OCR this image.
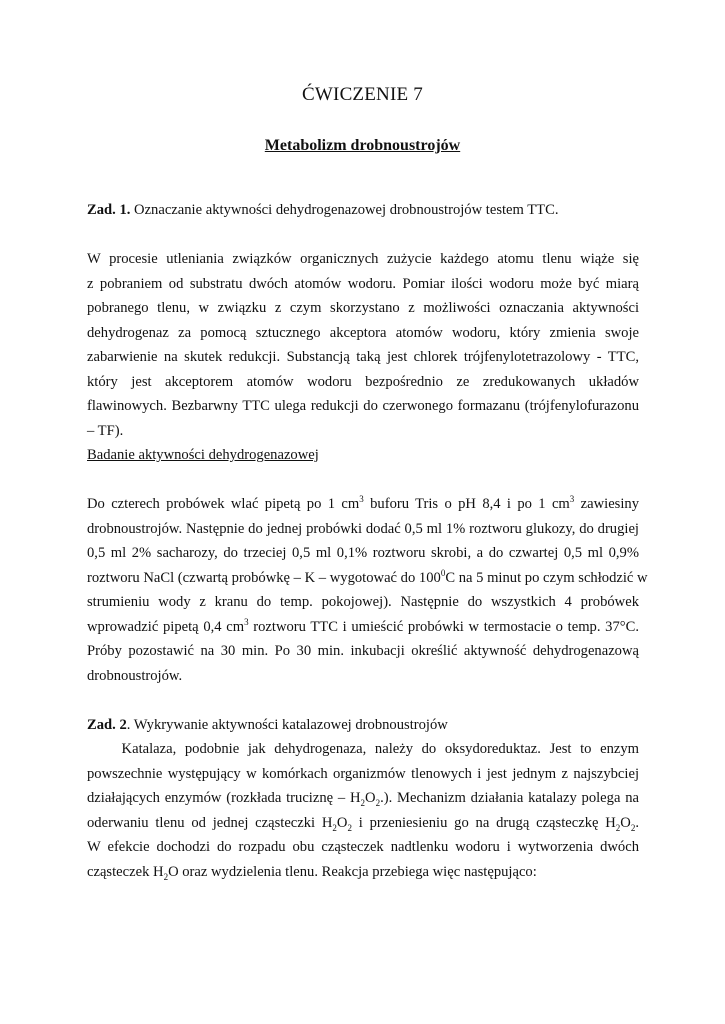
ĆWICZENIE 7
Metabolizm drobnoustrojów
Zad. 1. Oznaczanie aktywności dehydrogenazowej drobnoustrojów testem TTC.
W procesie utleniania związków organicznych zużycie każdego atomu tlenu wiąże się
z pobraniem od substratu dwóch atomów wodoru. Pomiar ilości wodoru może być miarą
pobranego tlenu, w związku z czym skorzystano z możliwości oznaczania aktywności
dehydrogenaz za pomocą sztucznego akceptora atomów wodoru, który zmienia swoje
zabarwienie na skutek redukcji. Substancją taką jest chlorek trójfenylotetrazolowy - TTC,
który jest akceptorem atomów wodoru bezpośrednio ze zredukowanych układów
flawinowych. Bezbarwny TTC ulega redukcji do czerwonego formazanu (trójfenylofurazonu
– TF).
Badanie aktywności dehydrogenazowej
Do czterech probówek wlać pipetą po 1 $cm^3$ buforu Tris o pH 8,4 i po 1 $cm^3$ zawiesiny
drobnoustrojów. Następnie do jednej probówki dodać 0,5 ml 1% roztworu glukozy, do drugiej
0,5 ml 2% sacharozy, do trzeciej 0,5 ml 0,1% roztworu skrobi, a do czwartej 0,5 ml 0,9%
roztworu NaCl (czwartą probówkę – K – wygotować do $100^0C$ na 5 minut po czym schłodzić w
strumieniu wody z kranu do temp. pokojowej). Następnie do wszystkich 4 probówek
wprowadzić pipetą 0,4 $cm^3$ roztworu TTC i umieścić probówki w termostacie o temp. 37°C.
Próby pozostawić na 30 min. Po 30 min. inkubacji określić aktywność dehydrogenazową
drobnoustrojów.
Zad. 2. Wykrywanie aktywności katalazowej drobnoustrojów
Katalaza, podobnie jak dehydrogenaza, należy do oksydoreduktaz. Jest to enzym
powszechnie występujący w komórkach organizmów tlenowych i jest jednym z najszybciej
działających enzymów (rozkłada truciznę – $H_2O_2$.). Mechanizm działania katalazy polega na
oderwaniu tlenu od jednej cząsteczki $H_2O_2$ i przeniesieniu go na drugą cząsteczkę $H_2O_2$.
W efekcie dochodzi do rozpadu obu cząsteczek nadtlenku wodoru i wytworzenia dwóch
cząsteczek $H_2O$ oraz wydzielenia tlenu. Reakcja przebiega więc następująco:
